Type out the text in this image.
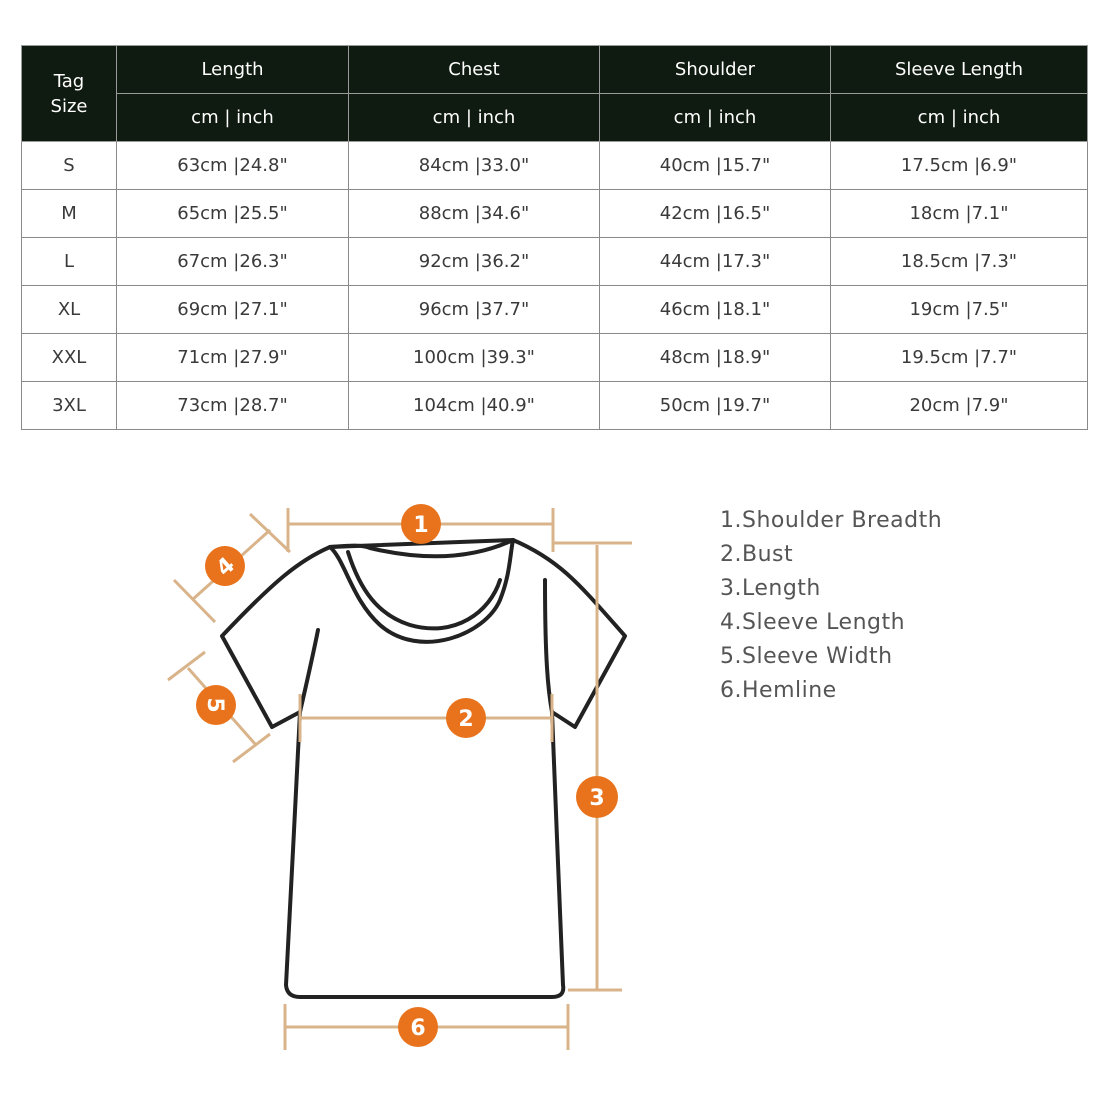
Tag
Size	Length	Chest	Shoulder	Sleeve Length
	cm | inch	cm | inch	cm | inch	cm | inch
S	63cm |24.8"	84cm |33.0"	40cm |15.7"	17.5cm |6.9"
M	65cm |25.5"	88cm |34.6"	42cm |16.5"	18cm |7.1"
L	67cm |26.3"	92cm |36.2"	44cm |17.3"	18.5cm |7.3"
XL	69cm |27.1"	96cm |37.7"	46cm |18.1"	19cm |7.5"
XXL	71cm |27.9"	100cm |39.3"	48cm |18.9"	19.5cm |7.7"
3XL	73cm |28.7"	104cm |40.9"	50cm |19.7"	20cm |7.9"
1
2
3
4
5
6
1.Shoulder Breadth
2.Bust
3.Length
4.Sleeve Length
5.Sleeve Width
6.Hemline
